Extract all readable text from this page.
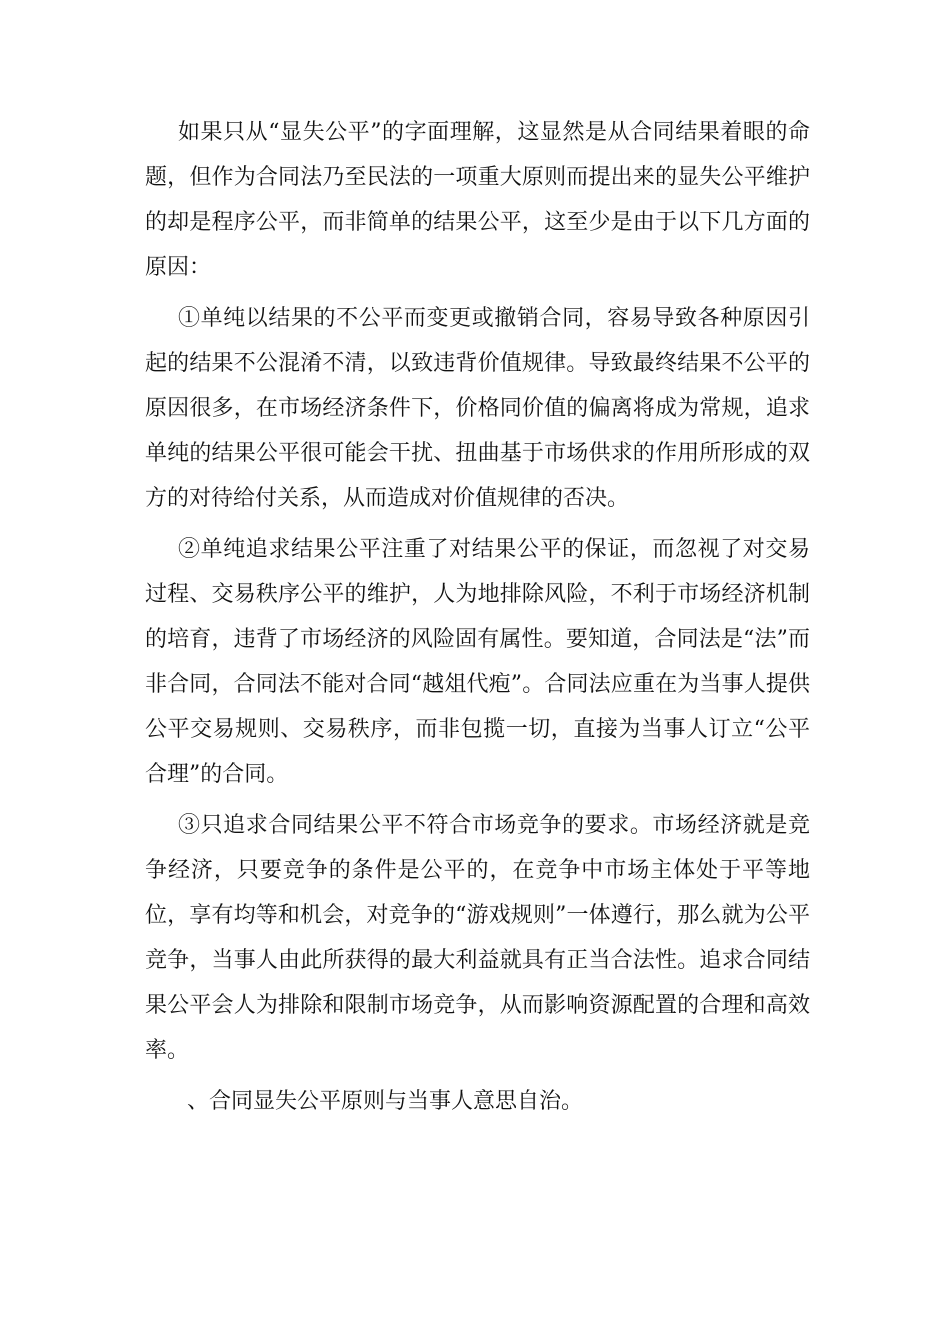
如果只从“显失公平”的字面理解，这显然是从合同结果着眼的命题，但作为合同法乃至民法的一项重大原则而提出来的显失公平维护的却是程序公平，而非简单的结果公平，这至少是由于以下几方面的原因：

①单纯以结果的不公平而变更或撤销合同，容易导致各种原因引起的结果不公混淆不清，以致违背价值规律。导致最终结果不公平的原因很多，在市场经济条件下，价格同价值的偏离将成为常规，追求单纯的结果公平很可能会干扰、扭曲基于市场供求的作用所形成的双方的对待给付关系，从而造成对价值规律的否决。

②单纯追求结果公平注重了对结果公平的保证，而忽视了对交易过程、交易秩序公平的维护，人为地排除风险，不利于市场经济机制的培育，违背了市场经济的风险固有属性。要知道，合同法是“法”而非合同，合同法不能对合同“越俎代疱”。合同法应重在为当事人提供公平交易规则、交易秩序，而非包揽一切，直接为当事人订立“公平合理”的合同。

③只追求合同结果公平不符合市场竞争的要求。市场经济就是竞争经济，只要竞争的条件是公平的，在竞争中市场主体处于平等地位，享有均等和机会，对竞争的“游戏规则”一体遵行，那么就为公平竞争，当事人由此所获得的最大利益就具有正当合法性。追求合同结果公平会人为排除和限制市场竞争，从而影响资源配置的合理和高效率。

、合同显失公平原则与当事人意思自治。
